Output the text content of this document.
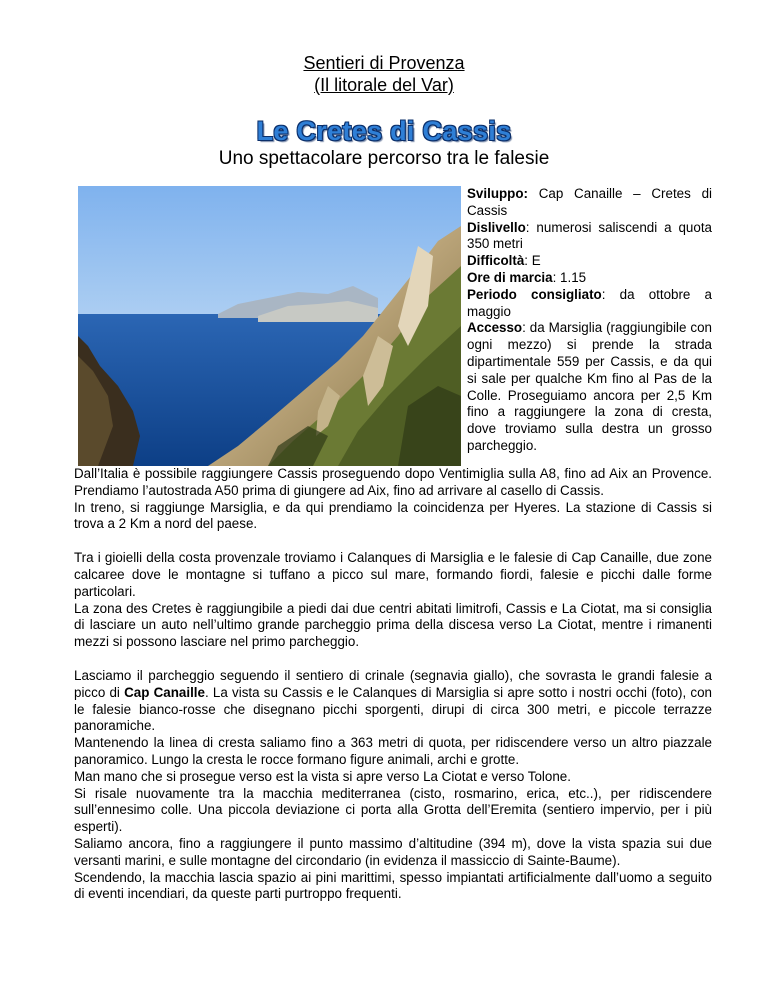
Sentieri di Provenza
(Il litorale del Var)
Le Cretes di Cassis
Uno spettacolare percorso tra le falesie

Sviluppo: Cap Canaille – Cretes di Cassis

Dislivello: numerosi saliscendi a quota 350 metri

Difficoltà: E

Ore di marcia: 1.15

Periodo consigliato: da ottobre a maggio

Accesso: da Marsiglia (raggiungibile con ogni mezzo) si prende la strada dipartimentale 559 per Cassis, e da qui si sale per qualche Km fino al Pas de la Colle. Proseguiamo ancora per 2,5 Km fino a raggiungere la zona di cresta, dove troviamo sulla destra un grosso parcheggio.

Dall’Italia è possibile raggiungere Cassis proseguendo dopo Ventimiglia sulla A8, fino ad Aix an Provence. Prendiamo l’autostrada A50 prima di giungere ad Aix, fino ad arrivare al casello di Cassis.

In treno, si raggiunge Marsiglia, e da qui prendiamo la coincidenza per Hyeres. La stazione di Cassis si trova a 2 Km a nord del paese.

Tra i gioielli della costa provenzale troviamo i Calanques di Marsiglia e le falesie di Cap Canaille, due zone calcaree dove le montagne si tuffano a picco sul mare, formando fiordi, falesie e picchi dalle forme particolari.

La zona des Cretes è raggiungibile a piedi dai due centri abitati limitrofi, Cassis e La Ciotat, ma si consiglia di lasciare un auto nell’ultimo grande parcheggio prima della discesa verso La Ciotat, mentre i rimanenti mezzi si possono lasciare nel primo parcheggio.

Lasciamo il parcheggio seguendo il sentiero di crinale (segnavia giallo), che sovrasta le grandi falesie a picco di Cap Canaille. La vista su Cassis e le Calanques di Marsiglia si apre sotto i nostri occhi (foto), con le falesie bianco-rosse che disegnano picchi sporgenti, dirupi di circa 300 metri, e piccole terrazze panoramiche.

Mantenendo la linea di cresta saliamo fino a 363 metri di quota, per ridiscendere verso un altro piazzale panoramico. Lungo la cresta le rocce formano figure animali, archi e grotte.

Man mano che si prosegue verso est la vista si apre verso La Ciotat e verso Tolone.

Si risale nuovamente tra la macchia mediterranea (cisto, rosmarino, erica, etc..), per ridiscendere sull’ennesimo colle. Una piccola deviazione ci porta alla Grotta dell’Eremita (sentiero impervio, per i più esperti).

Saliamo ancora, fino a raggiungere il punto massimo d’altitudine (394 m), dove la vista spazia sui due versanti marini, e sulle montagne del circondario (in evidenza il massiccio di Sainte-Baume).

Scendendo, la macchia lascia spazio ai pini marittimi, spesso impiantati artificialmente dall’uomo a seguito di eventi incendiari, da queste parti purtroppo frequenti.
